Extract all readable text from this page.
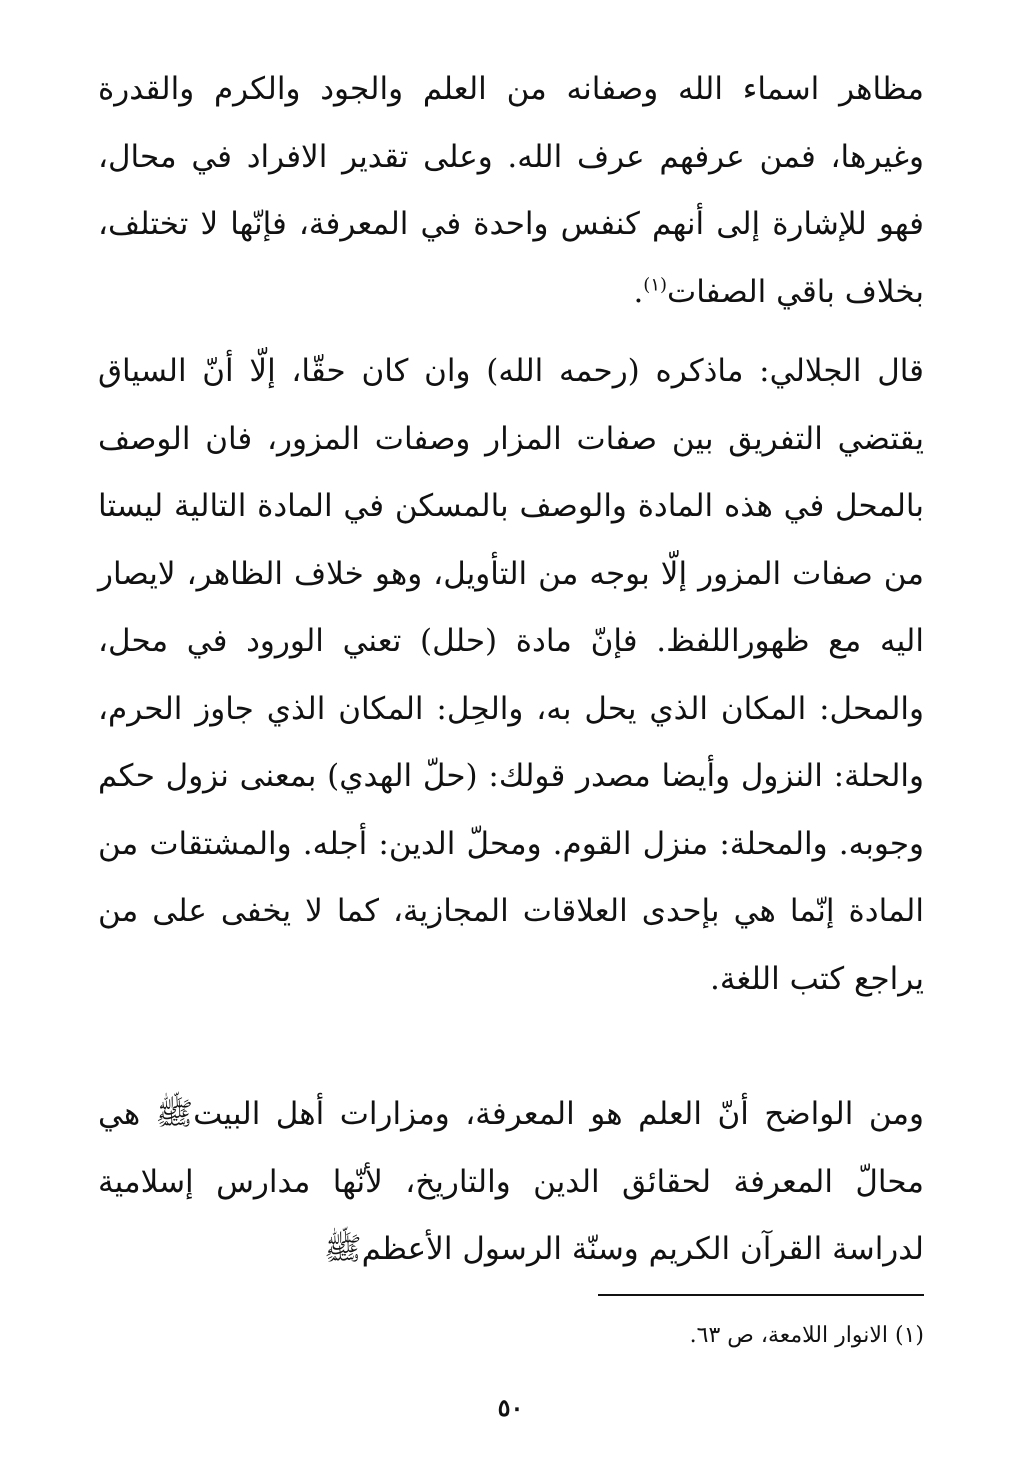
مظاهر اسماء الله وصفانه من العلم والجود والكرم والقدرة وغيرها، فمن عرفهم عرف الله. وعلى تقدير الافراد في محال، فهو للإشارة إلى أنهم كنفس واحدة في المعرفة، فإنّها لا تختلف، بخلاف باقي الصفات$^{(١)}$.

قال الجلالي: ماذكره (رحمه الله) وان كان حقّا، إلّا أنّ السياق يقتضي التفريق بين صفات المزار وصفات المزور، فان الوصف بالمحل في هذه المادة والوصف بالمسكن في المادة التالية ليستا من صفات المزور إلّا بوجه من التأويل، وهو خلاف الظاهر، لايصار اليه مع ظهوراللفظ. فإنّ مادة (حلل) تعني الورود في محل، والمحل: المكان الذي يحل به، والحِل: المكان الذي جاوز الحرم، والحلة: النزول وأيضا مصدر قولك: (حلّ الهدي) بمعنى نزول حكم وجوبه. والمحلة: منزل القوم. ومحلّ الدين: أجله. والمشتقات من المادة إنّما هي بإحدى العلاقات المجازية، كما لا يخفى على من يراجع كتب اللغة.

ومن الواضح أنّ العلم هو المعرفة، ومزارات أهل البيتﷺ هي محالّ المعرفة لحقائق الدين والتاريخ، لأنّها مدارس إسلامية لدراسة القرآن الكريم وسنّة الرسول الأعظمﷺ

(١) الانوار اللامعة، ص ٦٣.

٥٠
